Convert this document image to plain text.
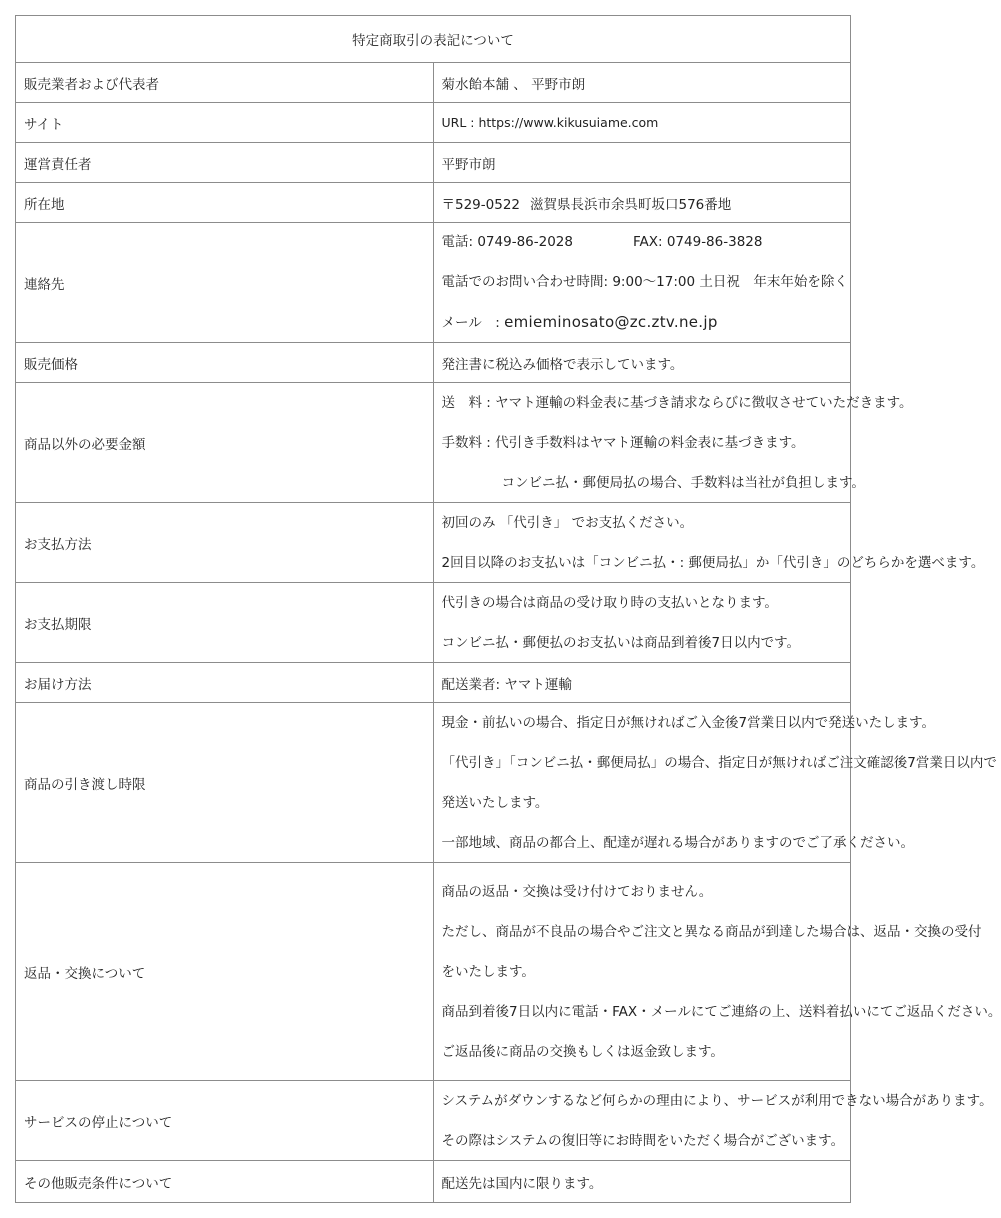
特定商取引の表記について	
販売業者および代表者	菊水飴本舗 、 平野市朗
サイト	URL : https://www.kikusuiame.com
運営責任者	平野市朗
所在地	〒529-0522 滋賀県長浜市余呉町坂口576番地
連絡先	電話: 0749-86-2028 FAX: 0749-86-3828
電話でのお問い合わせ時間: 9:00〜17:00 土日祝　年末年始を除く
メール　: emieminosato@zc.ztv.ne.jp

販売価格	発注書に税込み価格で表示しています。
商品以外の必要金額	送　料 : ヤマト運輸の料金表に基づき請求ならびに徴収させていただきます。
手数料 : 代引き手数料はヤマト運輸の料金表に基づきます。
コンビニ払・郵便局払の場合、手数料は当社が負担します。

お支払方法	初回のみ 「代引き」 でお支払ください。
2回目以降のお支払いは「コンビニ払・: 郵便局払」か「代引き」のどちらかを選べます。

お支払期限	代引きの場合は商品の受け取り時の支払いとなります。
コンビニ払・郵便払のお支払いは商品到着後7日以内です。

お届け方法	配送業者: ヤマト運輸
商品の引き渡し時限	現金・前払いの場合、指定日が無ければご入金後7営業日以内で発送いたします。
「代引き」「コンビニ払・郵便局払」の場合、指定日が無ければご注文確認後7営業日以内で
発送いたします。
一部地域、商品の都合上、配達が遅れる場合がありますのでご了承ください。

返品・交換について	商品の返品・交換は受け付けておりません。
ただし、商品が不良品の場合やご注文と異なる商品が到達した場合は、返品・交換の受付
をいたします。
商品到着後7日以内に電話・FAX・メールにてご連絡の上、送料着払いにてご返品ください。
ご返品後に商品の交換もしくは返金致します。

サービスの停止について	システムがダウンするなど何らかの理由により、サービスが利用できない場合があります。
その際はシステムの復旧等にお時間をいただく場合がございます。

その他販売条件について	配送先は国内に限ります。
